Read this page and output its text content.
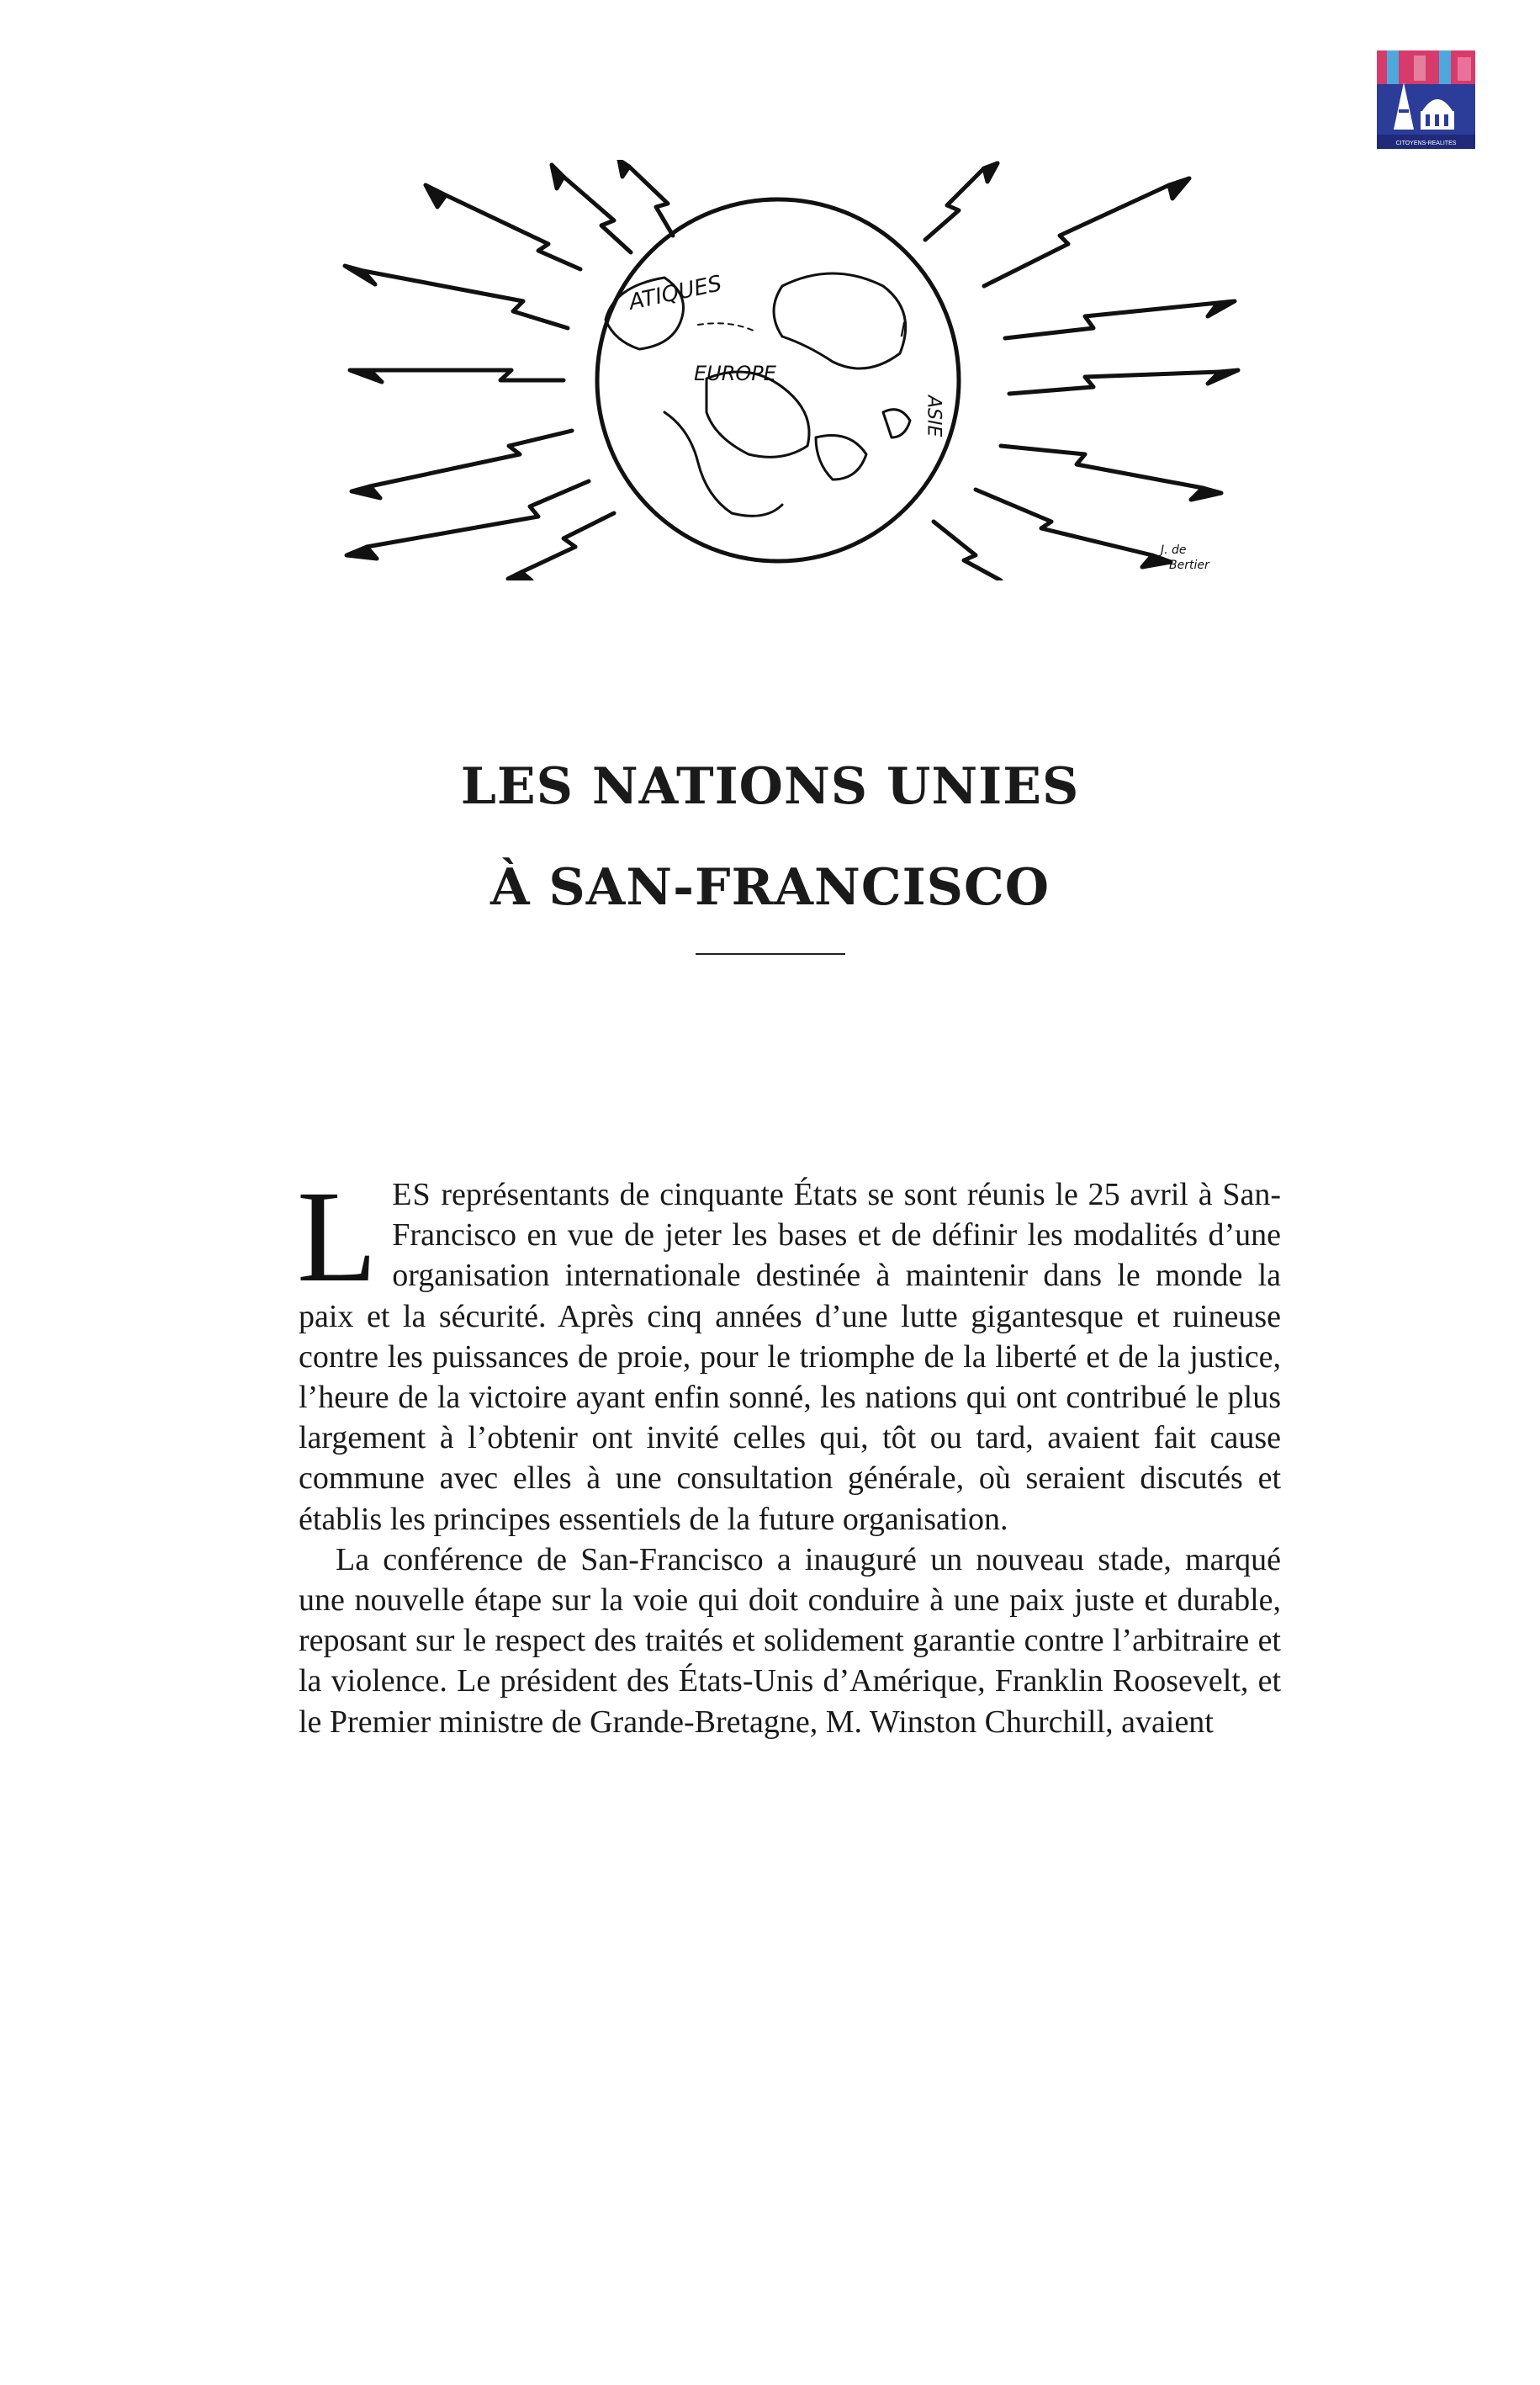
CITOYENS-REALITES
ATIQUES
EUROPE
I
ASIE
J. de
Bertier
LES NATIONS UNIES
À SAN-FRANCISCO

LES représentants de cinquante États se sont réunis le 25 avril à San-Francisco en vue de jeter les bases et de définir les modalités d’une organisation internationale destinée à maintenir dans le monde la paix et la sécurité. Après cinq années d’une lutte gigantesque et ruineuse contre les puissances de proie, pour le triomphe de la liberté et de la justice, l’heure de la victoire ayant enfin sonné, les nations qui ont contribué le plus largement à l’obtenir ont invité celles qui, tôt ou tard, avaient fait cause commune avec elles à une consultation générale, où seraient discutés et établis les principes essentiels de la future organisation.

La conférence de San-Francisco a inauguré un nouveau stade, marqué une nouvelle étape sur la voie qui doit conduire à une paix juste et durable, reposant sur le respect des traités et solidement garantie contre l’arbitraire et la violence. Le président des États-Unis d’Amérique, Franklin Roosevelt, et le Premier ministre de Grande-Bretagne, M. Winston Churchill, avaient
